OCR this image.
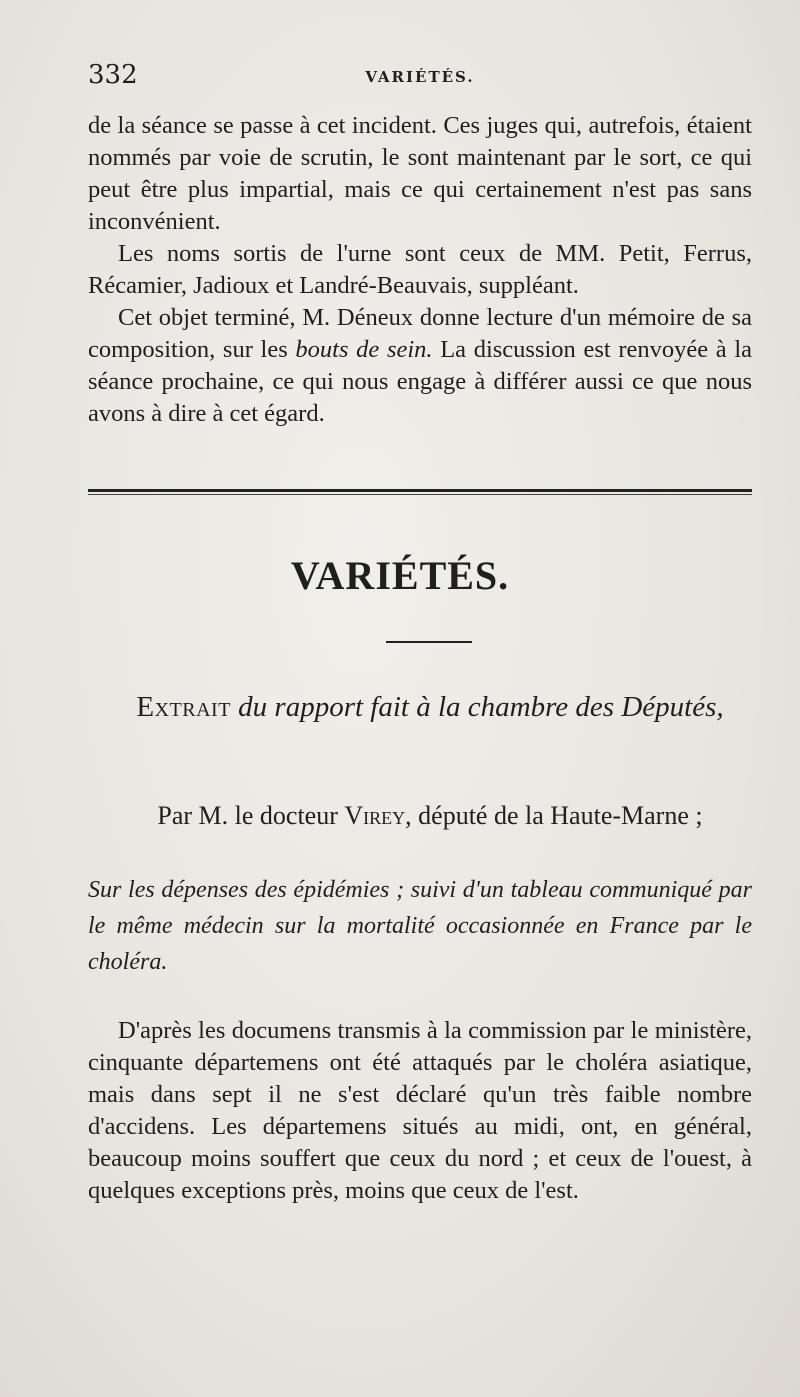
332	VARIÉTÉS.

de la séance se passe à cet incident. Ces juges qui, autrefois, étaient nommés par voie de scrutin, le sont maintenant par le sort, ce qui peut être plus impartial, mais ce qui certainement n'est pas sans inconvénient.

Les noms sortis de l'urne sont ceux de MM. Petit, Ferrus, Récamier, Jadioux et Landré-Beauvais, suppléant.

Cet objet terminé, M. Déneux donne lecture d'un mémoire de sa composition, sur les bouts de sein. La discussion est renvoyée à la séance prochaine, ce qui nous engage à différer aussi ce que nous avons à dire à cet égard.

VARIÉTÉS.
Extrait du rapport fait à la chambre des Députés,
Par M. le docteur Virey, député de la Haute-Marne ;

Sur les dépenses des épidémies ; suivi d'un tableau communiqué par le même médecin sur la mortalité occasionnée en France par le choléra.

D'après les documens transmis à la commission par le ministère, cinquante départemens ont été attaqués par le choléra asiatique, mais dans sept il ne s'est déclaré qu'un très faible nombre d'accidens. Les départemens situés au midi, ont, en général, beaucoup moins souffert que ceux du nord ; et ceux de l'ouest, à quelques exceptions près, moins que ceux de l'est.
